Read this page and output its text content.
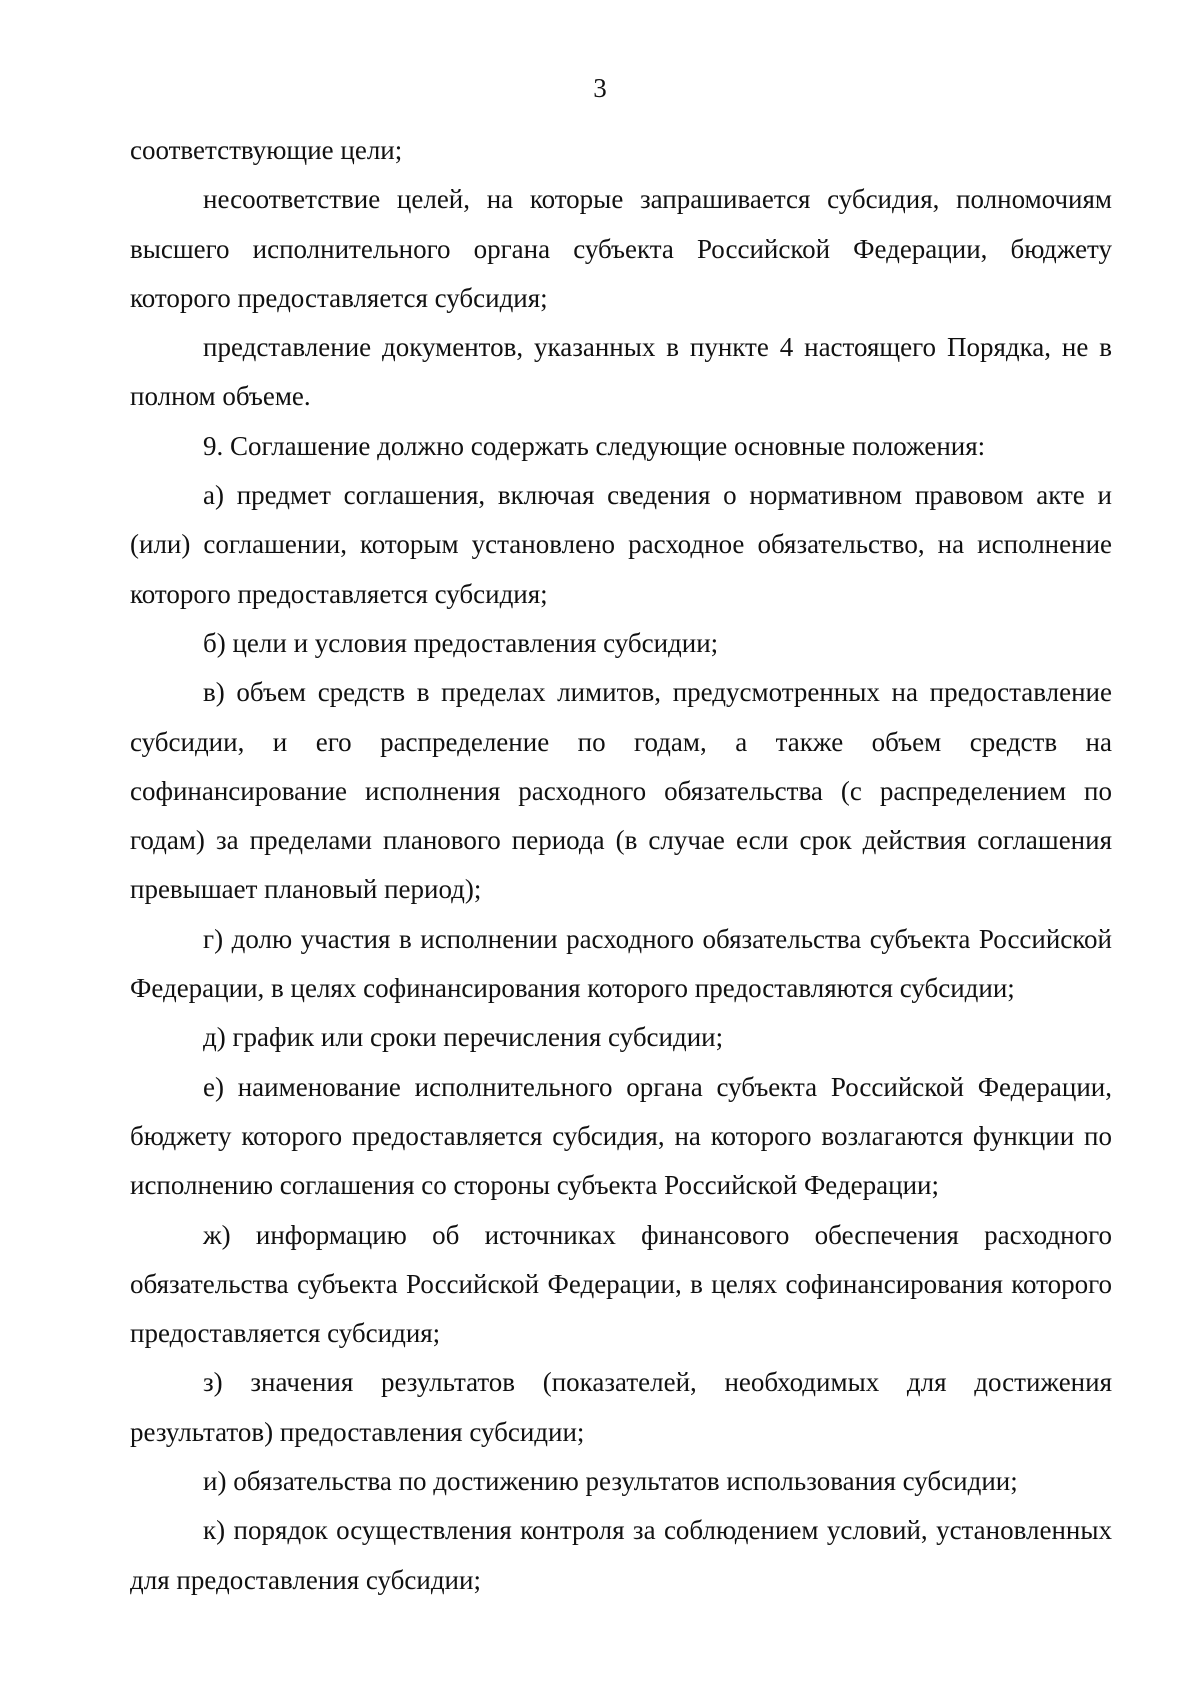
3

соответствующие цели;

несоответствие целей, на которые запрашивается субсидия, полномочиям высшего исполнительного органа субъекта Российской Федерации, бюджету которого предоставляется субсидия;

представление документов, указанных в пункте 4 настоящего Порядка, не в полном объеме.

9. Соглашение должно содержать следующие основные положения:

а) предмет соглашения, включая сведения о нормативном правовом акте и (или) соглашении, которым установлено расходное обязательство, на исполнение которого предоставляется субсидия;

б) цели и условия предоставления субсидии;

в) объем средств в пределах лимитов, предусмотренных на предоставление субсидии, и его распределение по годам, а также объем средств на софинансирование исполнения расходного обязательства (с распределением по годам) за пределами планового периода (в случае если срок действия соглашения превышает плановый период);

г) долю участия в исполнении расходного обязательства субъекта Российской Федерации, в целях софинансирования которого предоставляются субсидии;

д) график или сроки перечисления субсидии;

е) наименование исполнительного органа субъекта Российской Федерации, бюджету которого предоставляется субсидия, на которого возлагаются функции по исполнению соглашения со стороны субъекта Российской Федерации;

ж) информацию об источниках финансового обеспечения расходного обязательства субъекта Российской Федерации, в целях софинансирования которого предоставляется субсидия;

з) значения результатов (показателей, необходимых для достижения результатов) предоставления субсидии;

и) обязательства по достижению результатов использования субсидии;

к) порядок осуществления контроля за соблюдением условий, установленных для предоставления субсидии;
